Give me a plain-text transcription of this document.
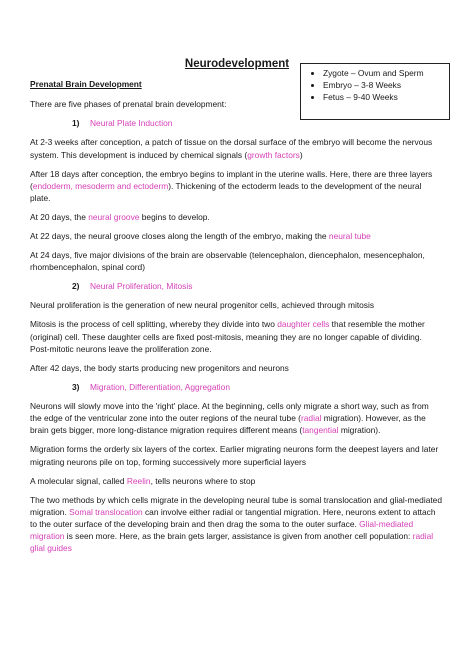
Neurodevelopment
• Zygote – Ovum and Sperm
• Embryo – 3-8 Weeks
• Fetus – 9-40 Weeks

Prenatal Brain Development

There are five phases of prenatal brain development:

1) Neural Plate Induction

At 2-3 weeks after conception, a patch of tissue on the dorsal surface of the embryo will become the nervous system. This development is induced by chemical signals (growth factors)

After 18 days after conception, the embryo begins to implant in the uterine walls. Here, there are three layers (endoderm, mesoderm and ectoderm). Thickening of the ectoderm leads to the development of the neural plate.

At 20 days, the neural groove begins to develop.

At 22 days, the neural groove closes along the length of the embryo, making the neural tube

At 24 days, five major divisions of the brain are observable (telencephalon, diencephalon, mesencephalon, rhombencephalon, spinal cord)

2) Neural Proliferation, Mitosis

Neural proliferation is the generation of new neural progenitor cells, achieved through mitosis

Mitosis is the process of cell splitting, whereby they divide into two daughter cells that resemble the mother (original) cell. These daughter cells are fixed post-mitosis, meaning they are no longer capable of dividing. Post-mitotic neurons leave the proliferation zone.

After 42 days, the body starts producing new progenitors and neurons

3) Migration, Differentiation, Aggregation

Neurons will slowly move into the 'right' place. At the beginning, cells only migrate a short way, such as from the edge of the ventricular zone into the outer regions of the neural tube (radial migration). However, as the brain gets bigger, more long-distance migration requires different means (tangential migration).

Migration forms the orderly six layers of the cortex. Earlier migrating neurons form the deepest layers and later migrating neurons pile on top, forming successively more superficial layers

A molecular signal, called Reelin, tells neurons where to stop

The two methods by which cells migrate in the developing neural tube is somal translocation and glial-mediated migration. Somal translocation can involve either radial or tangential migration. Here, neurons extent to attach to the outer surface of the developing brain and then drag the soma to the outer surface. Glial-mediated migration is seen more. Here, as the brain gets larger, assistance is given from another cell population: radial glial guides
